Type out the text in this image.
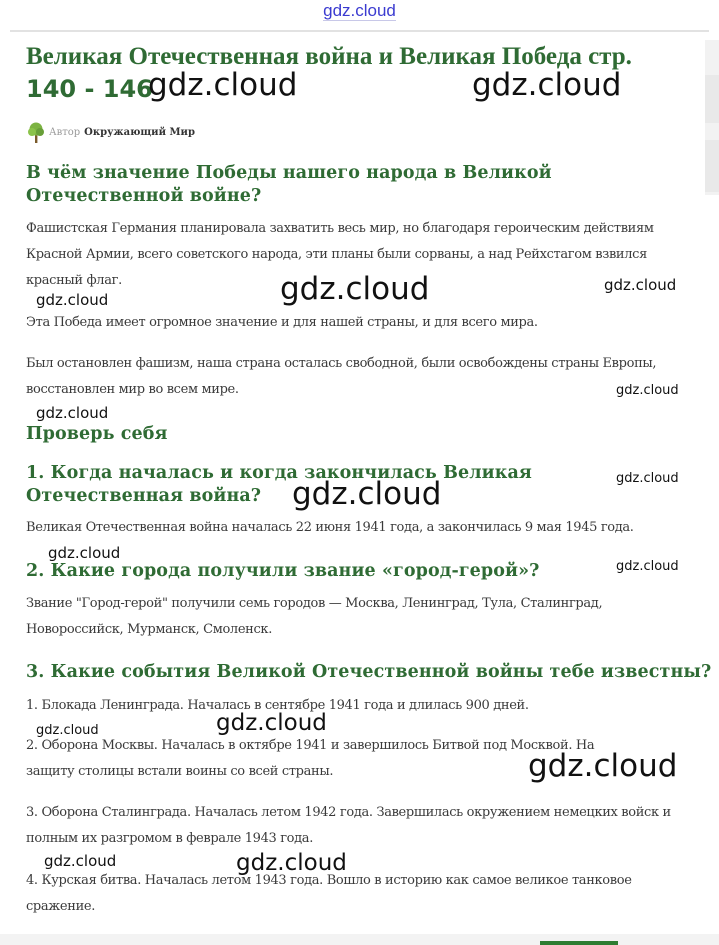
gdz.cloud
Великая Отечественная война и Великая Победа стр.
140 - 146
Автор Окружающий Мир
В чём значение Победы нашего народа в Великой Отечественной войне?

Фашистская Германия планировала захватить весь мир, но благодаря героическим действиям Красной Армии, всего советского народа, эти планы были сорваны, а над Рейхстагом взвился красный флаг.

Эта Победа имеет огромное значение и для нашей страны, и для всего мира.

Был остановлен фашизм, наша страна осталась свободной, были освобождены страны Европы, восстановлен мир во всем мире.

Проверь себя
1. Когда началась и когда закончилась Великая Отечественная война?

Великая Отечественная война началась 22 июня 1941 года, а закончилась 9 мая 1945 года.

2. Какие города получили звание «город-герой»?

Звание "Город-герой" получили семь городов — Москва, Ленинград, Тула, Сталинград, Новороссийск, Мурманск, Смоленск.

3. Какие события Великой Отечественной войны тебе известны?

1. Блокада Ленинграда. Началась в сентябре 1941 года и длилась 900 дней.

2. Оборона Москвы. Началась в октябре 1941 и завершилось Битвой под Москвой. На защиту столицы встали воины со всей страны.

3. Оборона Сталинграда. Началась летом 1942 года. Завершилась окружением немецких войск и полным их разгромом в феврале 1943 года.

4. Курская битва. Началась летом 1943 года. Вошло в историю как самое великое танковое сражение.

gdz.cloud	gdz.cloud
gdz.cloud
gdz.cloud
gdz.cloud
gdz.cloud
gdz.cloud
gdz.cloud
gdz.cloud
gdz.cloud
gdz.cloud
gdz.cloud
gdz.cloud
gdz.cloud
gdz.cloud	gdz.cloud
